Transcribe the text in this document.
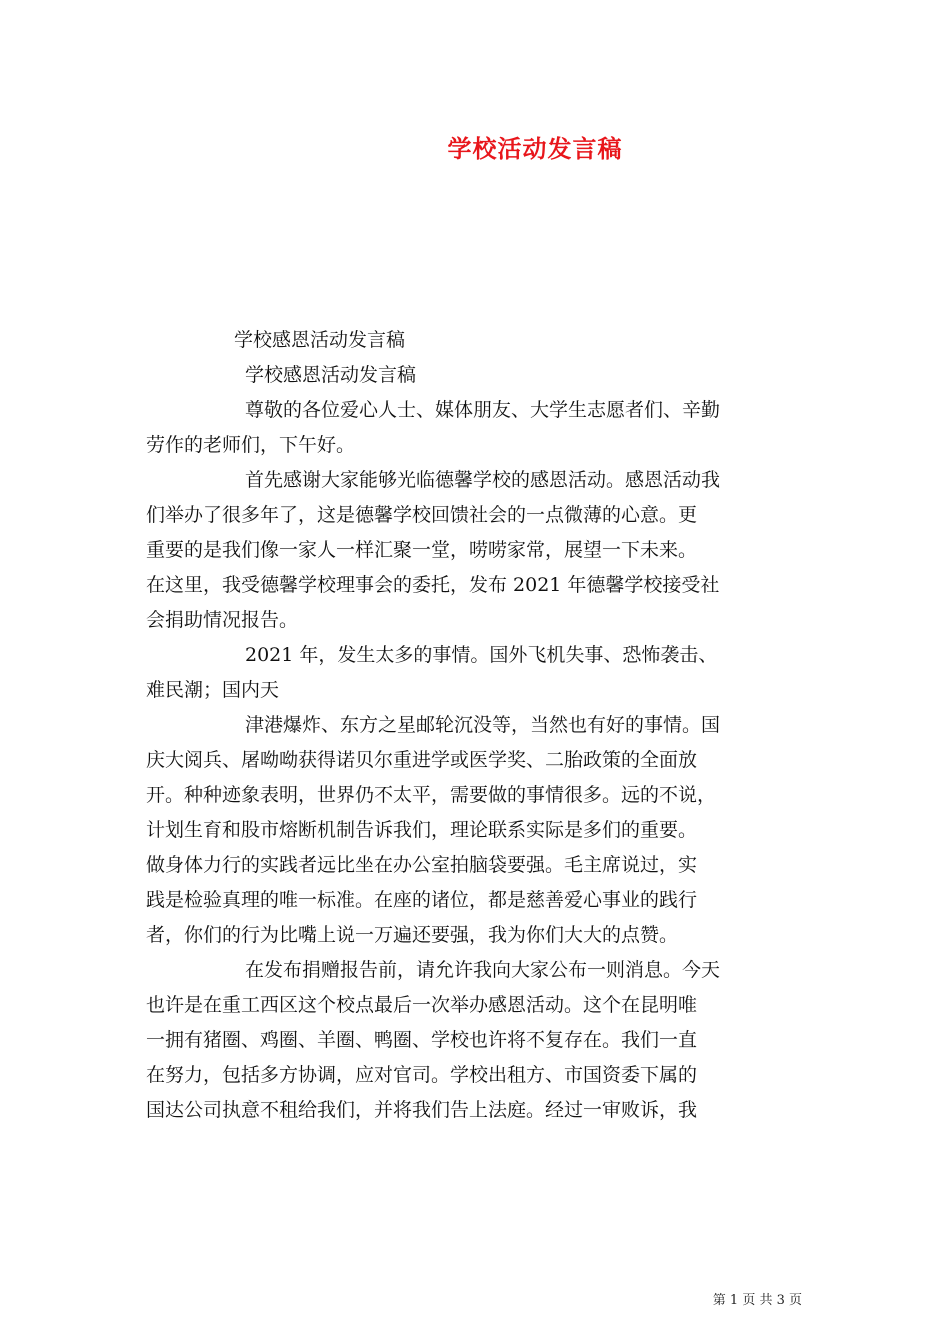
学校活动发言稿
学校感恩活动发言稿
学校感恩活动发言稿
尊敬的各位爱心人士、媒体朋友、大学生志愿者们、辛勤
劳作的老师们，下午好。
首先感谢大家能够光临德馨学校的感恩活动。感恩活动我
们举办了很多年了，这是德馨学校回馈社会的一点微薄的心意。更
重要的是我们像一家人一样汇聚一堂，唠唠家常，展望一下未来。
在这里，我受德馨学校理事会的委托，发布 2021 年德馨学校接受社
会捐助情况报告。
2021 年，发生太多的事情。国外飞机失事、恐怖袭击、
难民潮；国内天
津港爆炸、东方之星邮轮沉没等，当然也有好的事情。国
庆大阅兵、屠呦呦获得诺贝尔重进学或医学奖、二胎政策的全面放
开。种种迹象表明，世界仍不太平，需要做的事情很多。远的不说，
计划生育和股市熔断机制告诉我们，理论联系实际是多们的重要。
做身体力行的实践者远比坐在办公室拍脑袋要强。毛主席说过，实
践是检验真理的唯一标准。在座的诸位，都是慈善爱心事业的践行
者，你们的行为比嘴上说一万遍还要强，我为你们大大的点赞。
在发布捐赠报告前，请允许我向大家公布一则消息。今天
也许是在重工西区这个校点最后一次举办感恩活动。这个在昆明唯
一拥有猪圈、鸡圈、羊圈、鸭圈、学校也许将不复存在。我们一直
在努力，包括多方协调，应对官司。学校出租方、市国资委下属的
国达公司执意不租给我们，并将我们告上法庭。经过一审败诉，我
第 1 页 共 3 页
